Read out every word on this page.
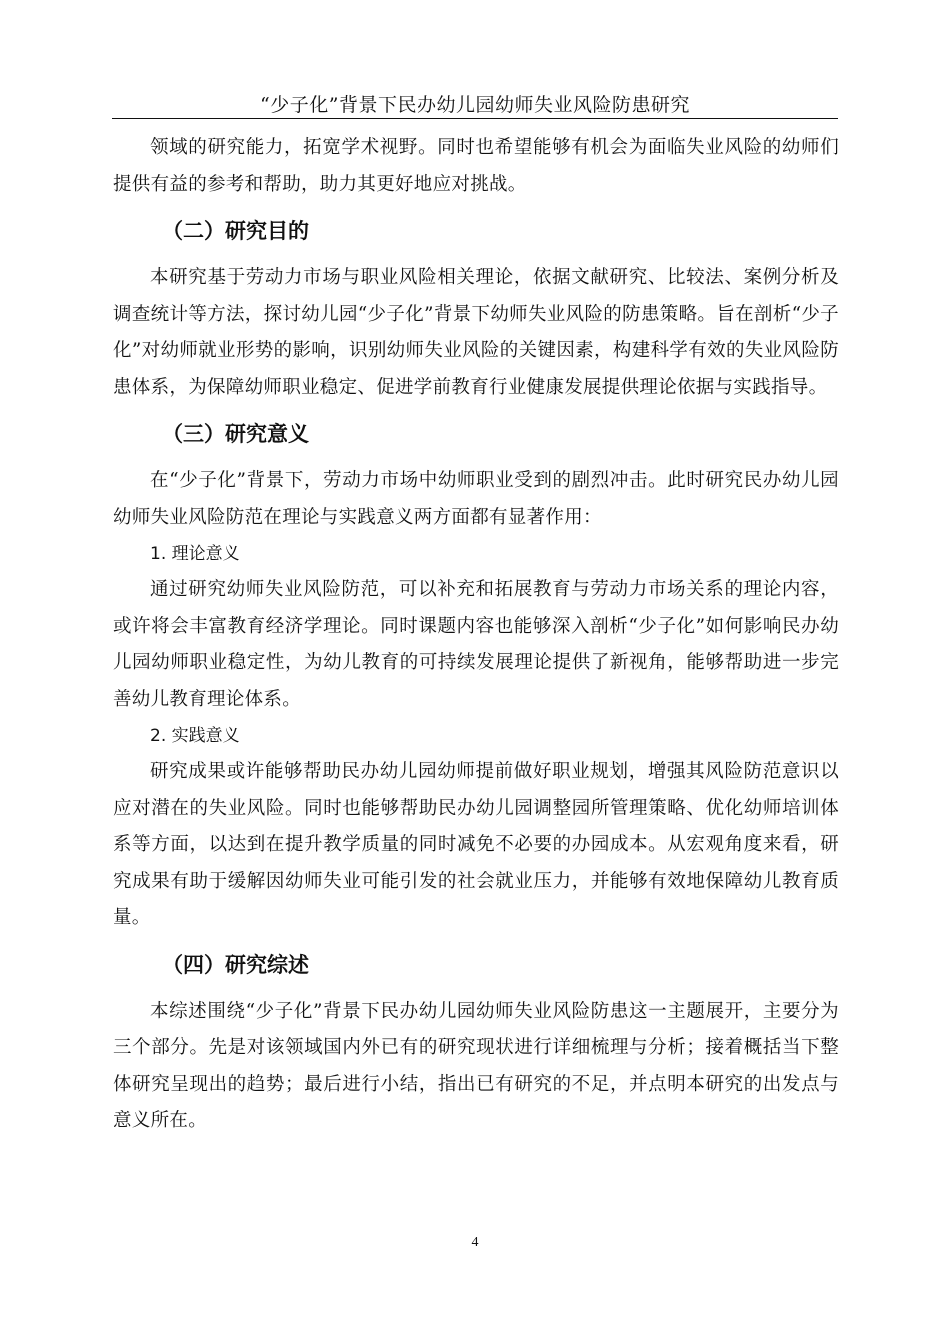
“少子化”背景下民办幼儿园幼师失业风险防患研究

领域的研究能力，拓宽学术视野。同时也希望能够有机会为面临失业风险的幼师们提供有益的参考和帮助，助力其更好地应对挑战。

（二）研究目的

本研究基于劳动力市场与职业风险相关理论，依据文献研究、比较法、案例分析及调查统计等方法，探讨幼儿园“少子化”背景下幼师失业风险的防患策略。旨在剖析“少子化”对幼师就业形势的影响，识别幼师失业风险的关键因素，构建科学有效的失业风险防患体系，为保障幼师职业稳定、促进学前教育行业健康发展提供理论依据与实践指导。

（三）研究意义

在“少子化”背景下，劳动力市场中幼师职业受到的剧烈冲击。此时研究民办幼儿园幼师失业风险防范在理论与实践意义两方面都有显著作用：

1. 理论意义

通过研究幼师失业风险防范，可以补充和拓展教育与劳动力市场关系的理论内容，或许将会丰富教育经济学理论。同时课题内容也能够深入剖析“少子化”如何影响民办幼儿园幼师职业稳定性，为幼儿教育的可持续发展理论提供了新视角，能够帮助进一步完善幼儿教育理论体系。

2. 实践意义

研究成果或许能够帮助民办幼儿园幼师提前做好职业规划，增强其风险防范意识以应对潜在的失业风险。同时也能够帮助民办幼儿园调整园所管理策略、优化幼师培训体系等方面，以达到在提升教学质量的同时减免不必要的办园成本。从宏观角度来看，研究成果有助于缓解因幼师失业可能引发的社会就业压力，并能够有效地保障幼儿教育质量。

（四）研究综述

本综述围绕“少子化”背景下民办幼儿园幼师失业风险防患这一主题展开，主要分为三个部分。先是对该领域国内外已有的研究现状进行详细梳理与分析；接着概括当下整体研究呈现出的趋势；最后进行小结，指出已有研究的不足，并点明本研究的出发点与意义所在。

4
